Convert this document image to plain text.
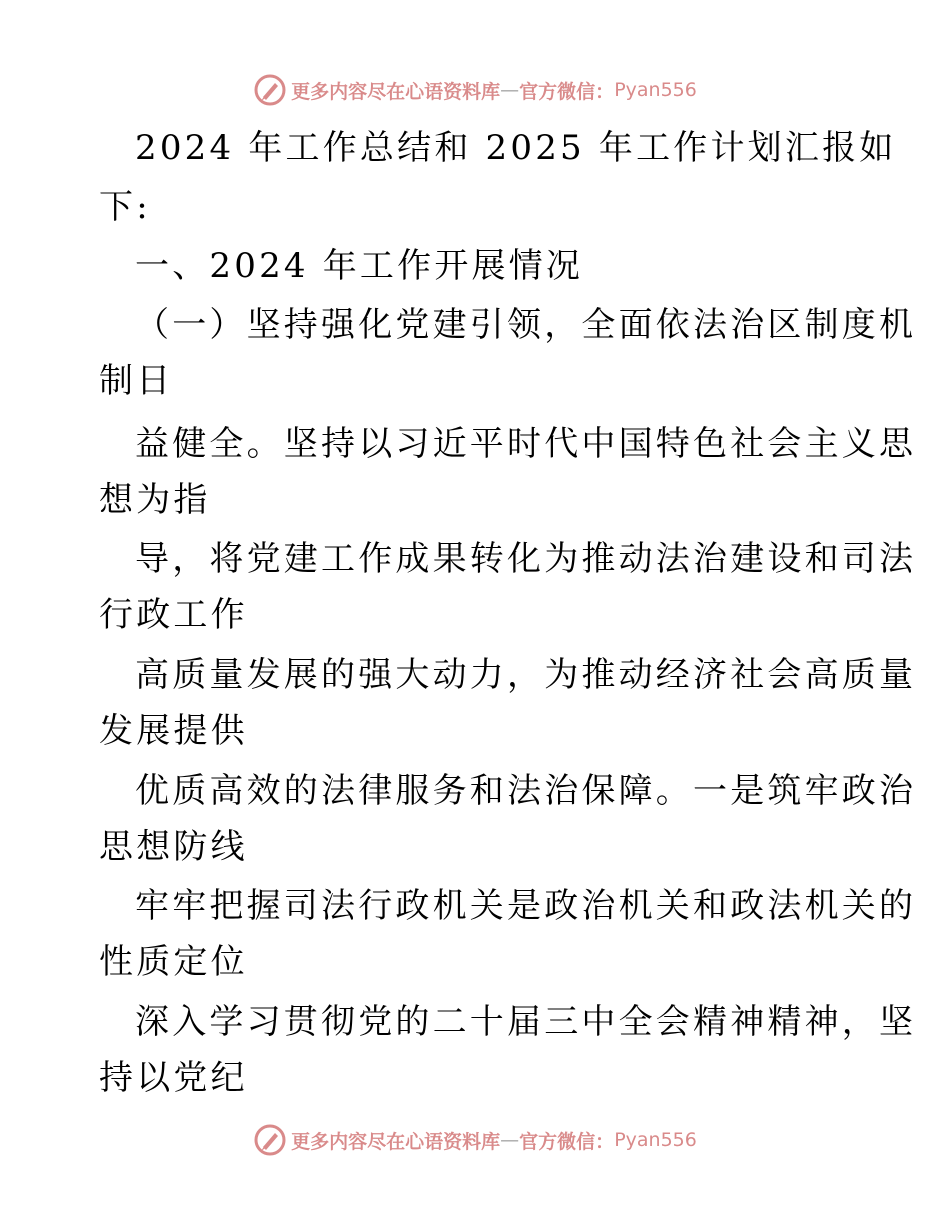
更多内容尽在心语资料库 — 官方微信： Pyan556
2024 年工作总结和 2025 年工作计划汇报如
下:
一、2024 年工作开展情况
（一）坚持强化党建引领，全面依法治区制度机
制日
益健全。坚持以习近平时代中国特色社会主义思
想为指
导，将党建工作成果转化为推动法治建设和司法
行政工作
高质量发展的强大动力，为推动经济社会高质量
发展提供
优质高效的法律服务和法治保障。一是筑牢政治
思想防线
牢牢把握司法行政机关是政治机关和政法机关的
性质定位
深入学习贯彻党的二十届三中全会精神精神，坚
持以党纪
更多内容尽在心语资料库 — 官方微信： Pyan556
